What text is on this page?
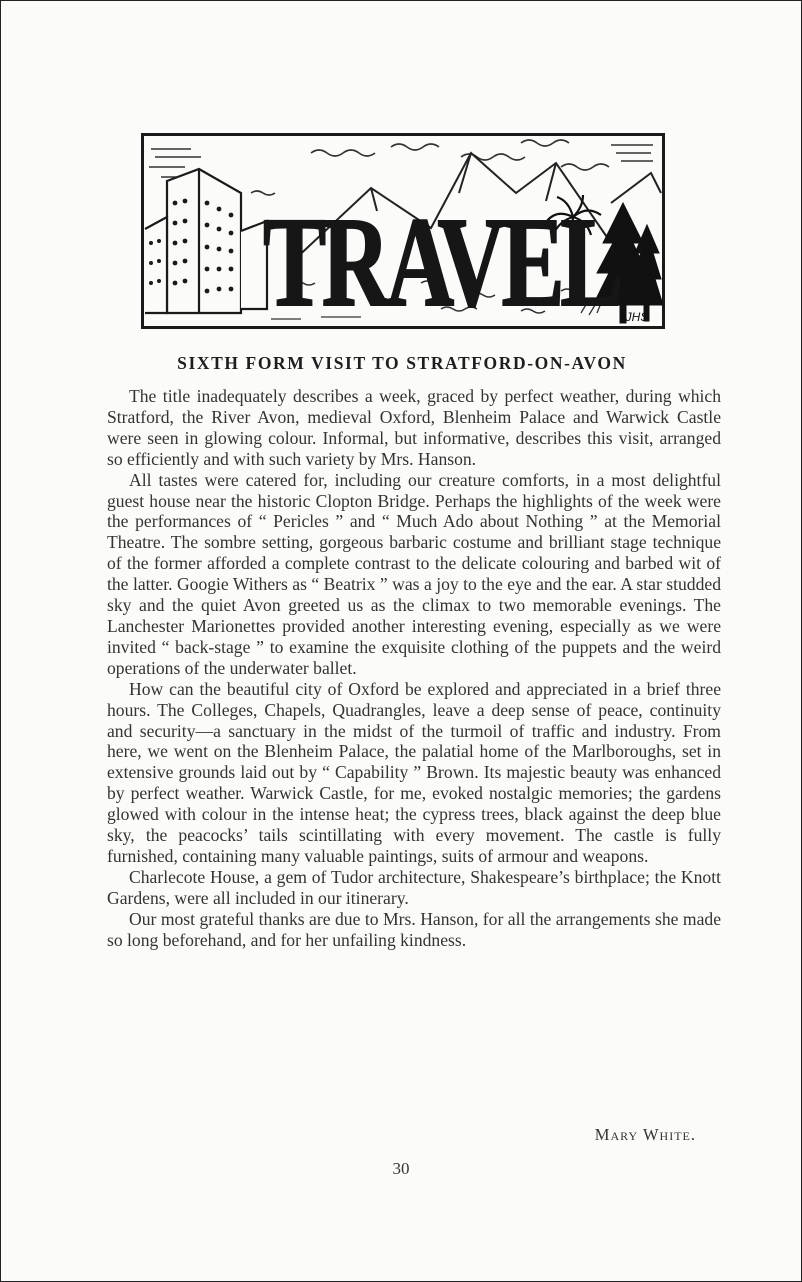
TRAVEL JHS
SIXTH FORM VISIT TO STRATFORD-ON-AVON

The title inadequately describes a week, graced by perfect weather, during which Stratford, the River Avon, medieval Oxford, Blenheim Palace and Warwick Castle were seen in glowing colour. Informal, but informative, describes this visit, arranged so efficiently and with such variety by Mrs. Hanson.

All tastes were catered for, including our creature comforts, in a most delightful guest house near the historic Clopton Bridge. Perhaps the highlights of the week were the performances of “ Pericles ” and “ Much Ado about Nothing ” at the Memorial Theatre. The sombre setting, gorgeous barbaric costume and brilliant stage technique of the former afforded a complete contrast to the delicate colouring and barbed wit of the latter. Googie Withers as “ Beatrix ” was a joy to the eye and the ear. A star studded sky and the quiet Avon greeted us as the climax to two memorable evenings. The Lanchester Marionettes provided another interesting evening, especially as we were invited “ back-stage ” to examine the exquisite clothing of the puppets and the weird operations of the underwater ballet.

How can the beautiful city of Oxford be explored and appreciated in a brief three hours. The Colleges, Chapels, Quadrangles, leave a deep sense of peace, continuity and security—a sanctuary in the midst of the turmoil of traffic and industry. From here, we went on the Blenheim Palace, the palatial home of the Marlboroughs, set in extensive grounds laid out by “ Capability ” Brown. Its majestic beauty was enhanced by perfect weather. Warwick Castle, for me, evoked nostalgic memories; the gardens glowed with colour in the intense heat; the cypress trees, black against the deep blue sky, the peacocks’ tails scintillating with every movement. The castle is fully furnished, containing many valuable paintings, suits of armour and weapons.

Charlecote House, a gem of Tudor architecture, Shakespeare’s birthplace; the Knott Gardens, were all included in our itinerary.

Our most grateful thanks are due to Mrs. Hanson, for all the arrangements she made so long beforehand, and for her unfailing kindness.

Mary White.
30
